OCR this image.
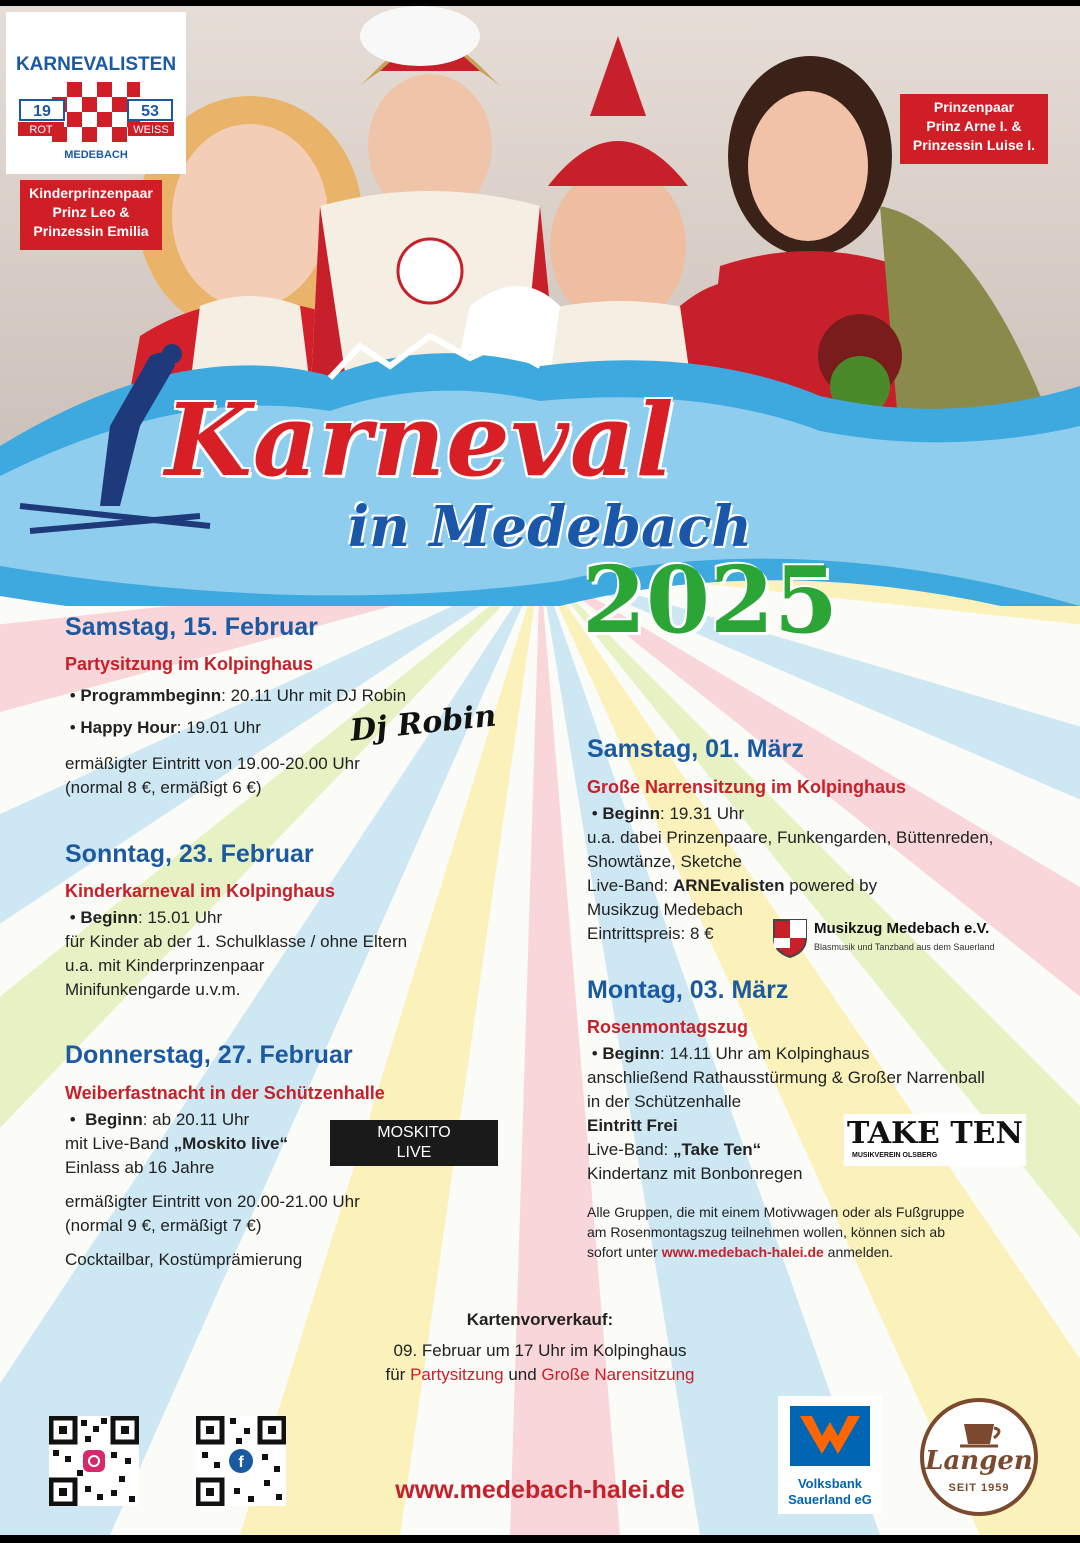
KARNEVALISTEN
19	53
ROT	WEISS
MEDEBACH
Kinderprinzenpaar
Prinz Leo &
Prinzessin Emilia
Prinzenpaar
Prinz Arne I. &
Prinzessin Luise I.
Karneval
in Medebach
2025
Samstag, 15. Februar
Partysitzung im Kolpinghaus
• Programmbeginn: 20.11 Uhr mit DJ Robin
• Happy Hour: 19.01 Uhr	Dj Robin
ermäßigter Eintritt von 19.00-20.00 Uhr
(normal 8 €, ermäßigt 6 €)
Sonntag, 23. Februar
Kinderkarneval im Kolpinghaus
• Beginn: 15.01 Uhr
für Kinder ab der 1. Schulklasse / ohne Eltern
u.a. mit Kinderprinzenpaar
Minifunkengarde u.v.m.
Donnerstag, 27. Februar
Weiberfastnacht in der Schützenhalle
•  Beginn: ab 20.11 Uhr
mit Live-Band „Moskito live“
Einlass ab 16 Jahre
MOSKITO
LIVE
ermäßigter Eintritt von 20.00-21.00 Uhr
(normal 9 €, ermäßigt 7 €)
Cocktailbar, Kostümprämierung
Samstag, 01. März
Große Narrensitzung im Kolpinghaus
• Beginn: 19.31 Uhr
u.a. dabei Prinzenpaare, Funkengarden, Büttenreden,
Showtänze, Sketche
Live-Band: ARNEvalisten powered by
Musikzug Medebach
Eintrittspreis: 8 €	Musikzug Medebach e.V.
Blasmusik und Tanzband aus dem Sauerland
Montag, 03. März
Rosenmontagszug
• Beginn: 14.11 Uhr am Kolpinghaus
anschließend Rathausstürmung & Großer Narrenball
in der Schützenhalle
Eintritt Frei
Live-Band: „Take Ten“
Kindertanz mit Bonbonregen
TAKE TEN
MUSIKVEREIN OLSBERG
Alle Gruppen, die mit einem Motivwagen oder als Fußgruppe
am Rosenmontagszug teilnehmen wollen, können sich ab
sofort unter www.medebach-halei.de anmelden.
Kartenvorverkauf:
09. Februar um 17 Uhr im Kolpinghaus
für Partysitzung und Große Narensitzung
f
www.medebach-halei.de	Volksbank
Sauerland eG
Langen
SEIT 1959
